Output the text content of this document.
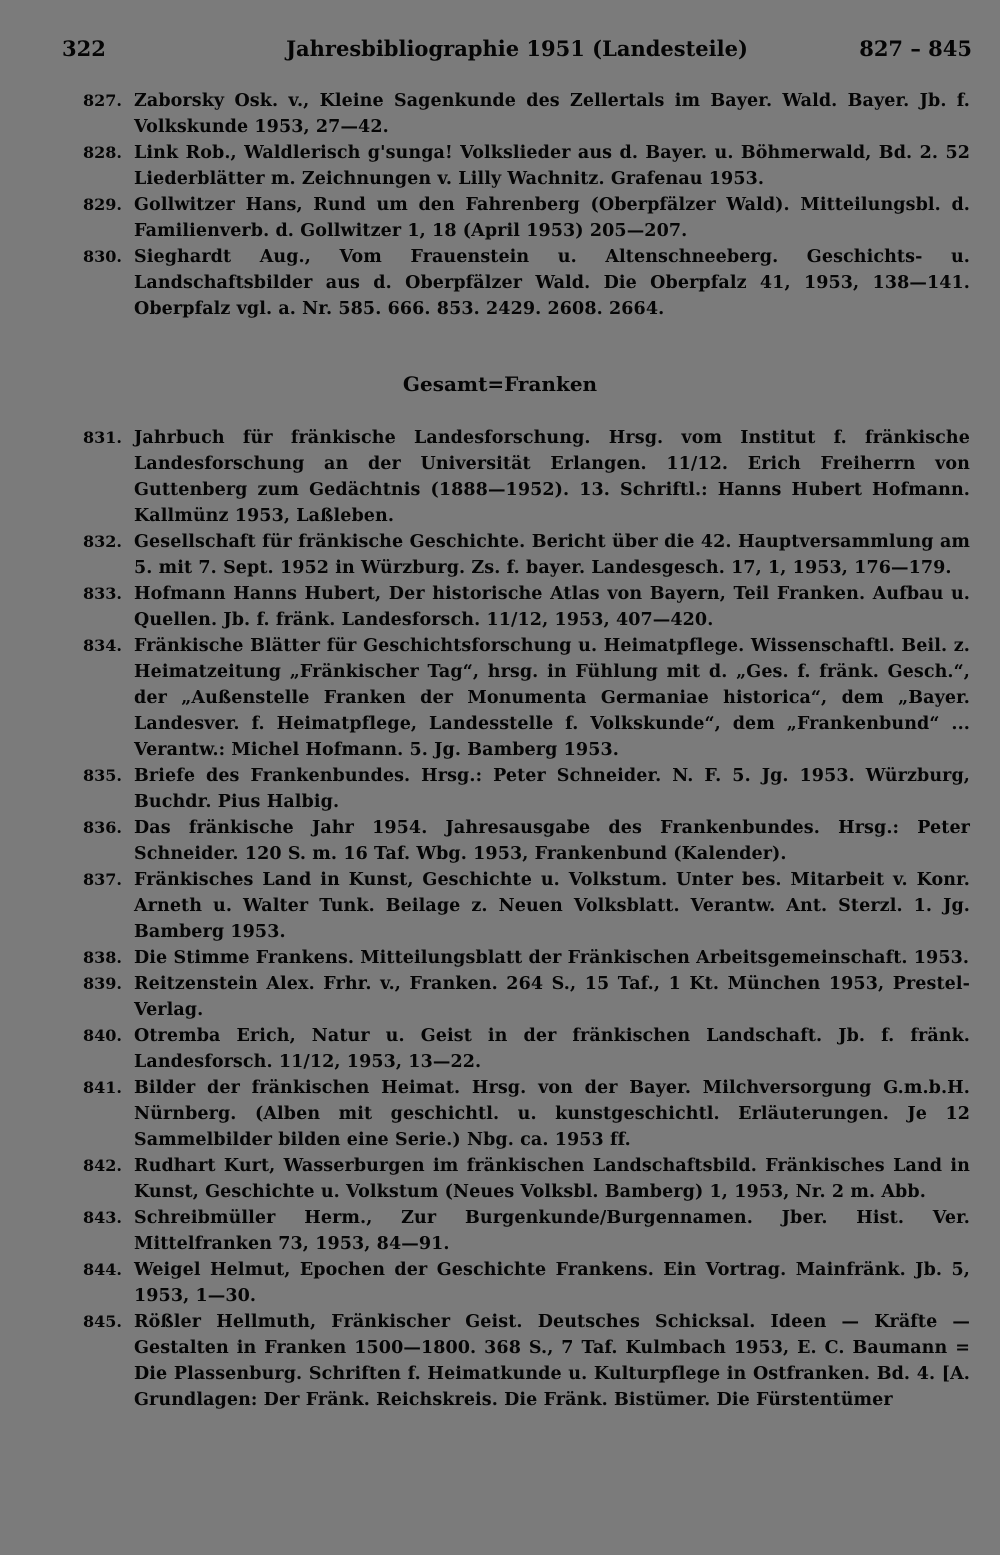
322	Jahresbibliographie 1951 (Landesteile)	827 – 845
827. Zaborsky Osk. v., Kleine Sagenkunde des Zellertals im Bayer. Wald. Bayer. Jb. f. Volkskunde 1953, 27—42.
828. Link Rob., Waldlerisch g'sunga! Volkslieder aus d. Bayer. u. Böhmerwald, Bd. 2. 52 Liederblätter m. Zeichnungen v. Lilly Wachnitz. Grafenau 1953.
829. Gollwitzer Hans, Rund um den Fahrenberg (Oberpfälzer Wald). Mitteilungsbl. d. Familienverb. d. Gollwitzer 1, 18 (April 1953) 205—207.
830. Sieghardt Aug., Vom Frauenstein u. Altenschneeberg. Geschichts- u. Landschaftsbilder aus d. Oberpfälzer Wald. Die Oberpfalz 41, 1953, 138—141. Oberpfalz vgl. a. Nr. 585. 666. 853. 2429. 2608. 2664.
Gesamt=Franken
831. Jahrbuch für fränkische Landesforschung. Hrsg. vom Institut f. fränkische Landesforschung an der Universität Erlangen. 11/12. Erich Freiherrn von Guttenberg zum Gedächtnis (1888—1952). 13. Schriftl.: Hanns Hubert Hofmann. Kallmünz 1953, Laßleben.
832. Gesellschaft für fränkische Geschichte. Bericht über die 42. Hauptversammlung am 5. mit 7. Sept. 1952 in Würzburg. Zs. f. bayer. Landesgesch. 17, 1, 1953, 176—179.
833. Hofmann Hanns Hubert, Der historische Atlas von Bayern, Teil Franken. Aufbau u. Quellen. Jb. f. fränk. Landesforsch. 11/12, 1953, 407—420.
834. Fränkische Blätter für Geschichtsforschung u. Heimatpflege. Wissenschaftl. Beil. z. Heimatzeitung „Fränkischer Tag“, hrsg. in Fühlung mit d. „Ges. f. fränk. Gesch.“, der „Außenstelle Franken der Monumenta Germaniae historica“, dem „Bayer. Landesver. f. Heimatpflege, Landesstelle f. Volkskunde“, dem „Frankenbund“ ... Verantw.: Michel Hofmann. 5. Jg. Bamberg 1953.
835. Briefe des Frankenbundes. Hrsg.: Peter Schneider. N. F. 5. Jg. 1953. Würzburg, Buchdr. Pius Halbig.
836. Das fränkische Jahr 1954. Jahresausgabe des Frankenbundes. Hrsg.: Peter Schneider. 120 S. m. 16 Taf. Wbg. 1953, Frankenbund (Kalender).
837. Fränkisches Land in Kunst, Geschichte u. Volkstum. Unter bes. Mitarbeit v. Konr. Arneth u. Walter Tunk. Beilage z. Neuen Volksblatt. Verantw. Ant. Sterzl. 1. Jg. Bamberg 1953.
838. Die Stimme Frankens. Mitteilungsblatt der Fränkischen Arbeitsgemeinschaft. 1953.
839. Reitzenstein Alex. Frhr. v., Franken. 264 S., 15 Taf., 1 Kt. München 1953, Prestel-Verlag.
840. Otremba Erich, Natur u. Geist in der fränkischen Landschaft. Jb. f. fränk. Landesforsch. 11/12, 1953, 13—22.
841. Bilder der fränkischen Heimat. Hrsg. von der Bayer. Milchversorgung G.m.b.H. Nürnberg. (Alben mit geschichtl. u. kunstgeschichtl. Erläuterungen. Je 12 Sammelbilder bilden eine Serie.) Nbg. ca. 1953 ff.
842. Rudhart Kurt, Wasserburgen im fränkischen Landschaftsbild. Fränkisches Land in Kunst, Geschichte u. Volkstum (Neues Volksbl. Bamberg) 1, 1953, Nr. 2 m. Abb.
843. Schreibmüller Herm., Zur Burgenkunde/Burgennamen. Jber. Hist. Ver. Mittelfranken 73, 1953, 84—91.
844. Weigel Helmut, Epochen der Geschichte Frankens. Ein Vortrag. Mainfränk. Jb. 5, 1953, 1—30.
845. Rößler Hellmuth, Fränkischer Geist. Deutsches Schicksal. Ideen — Kräfte — Gestalten in Franken 1500—1800. 368 S., 7 Taf. Kulmbach 1953, E. C. Baumann = Die Plassenburg. Schriften f. Heimatkunde u. Kulturpflege in Ostfranken. Bd. 4. [A. Grundlagen: Der Fränk. Reichskreis. Die Fränk. Bistümer. Die Fürstentümer
